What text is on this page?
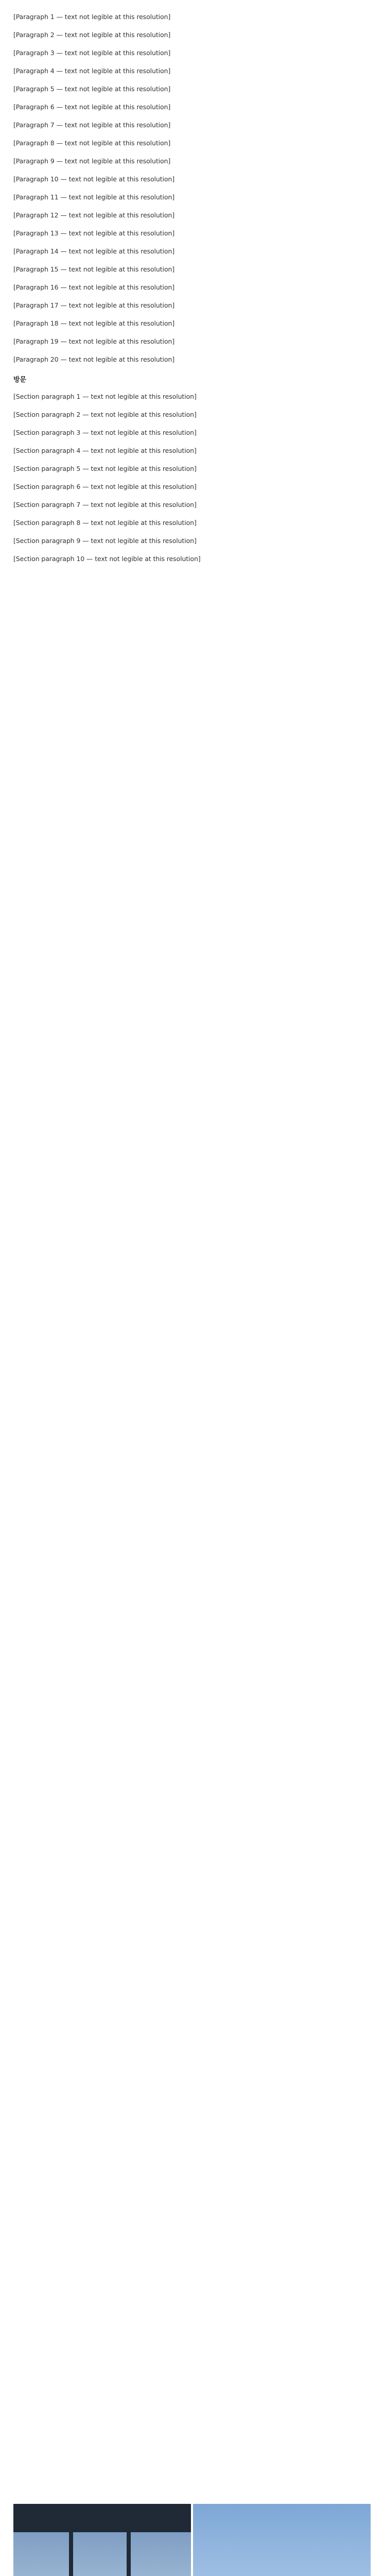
[Paragraph 1 — text not legible at this resolution]

[Paragraph 2 — text not legible at this resolution]

[Paragraph 3 — text not legible at this resolution]

[Paragraph 4 — text not legible at this resolution]

[Paragraph 5 — text not legible at this resolution]

[Paragraph 6 — text not legible at this resolution]

[Paragraph 7 — text not legible at this resolution]

[Paragraph 8 — text not legible at this resolution]

[Paragraph 9 — text not legible at this resolution]

[Paragraph 10 — text not legible at this resolution]

[Paragraph 11 — text not legible at this resolution]

[Paragraph 12 — text not legible at this resolution]

[Paragraph 13 — text not legible at this resolution]

[Paragraph 14 — text not legible at this resolution]

[Paragraph 15 — text not legible at this resolution]

[Paragraph 16 — text not legible at this resolution]

[Paragraph 17 — text not legible at this resolution]

[Paragraph 18 — text not legible at this resolution]

[Paragraph 19 — text not legible at this resolution]

[Paragraph 20 — text not legible at this resolution]

방문

[Section paragraph 1 — text not legible at this resolution]

[Section paragraph 2 — text not legible at this resolution]

[Section paragraph 3 — text not legible at this resolution]

[Section paragraph 4 — text not legible at this resolution]

[Section paragraph 5 — text not legible at this resolution]

[Section paragraph 6 — text not legible at this resolution]

[Section paragraph 7 — text not legible at this resolution]

[Section paragraph 8 — text not legible at this resolution]

[Section paragraph 9 — text not legible at this resolution]

[Section paragraph 10 — text not legible at this resolution]
